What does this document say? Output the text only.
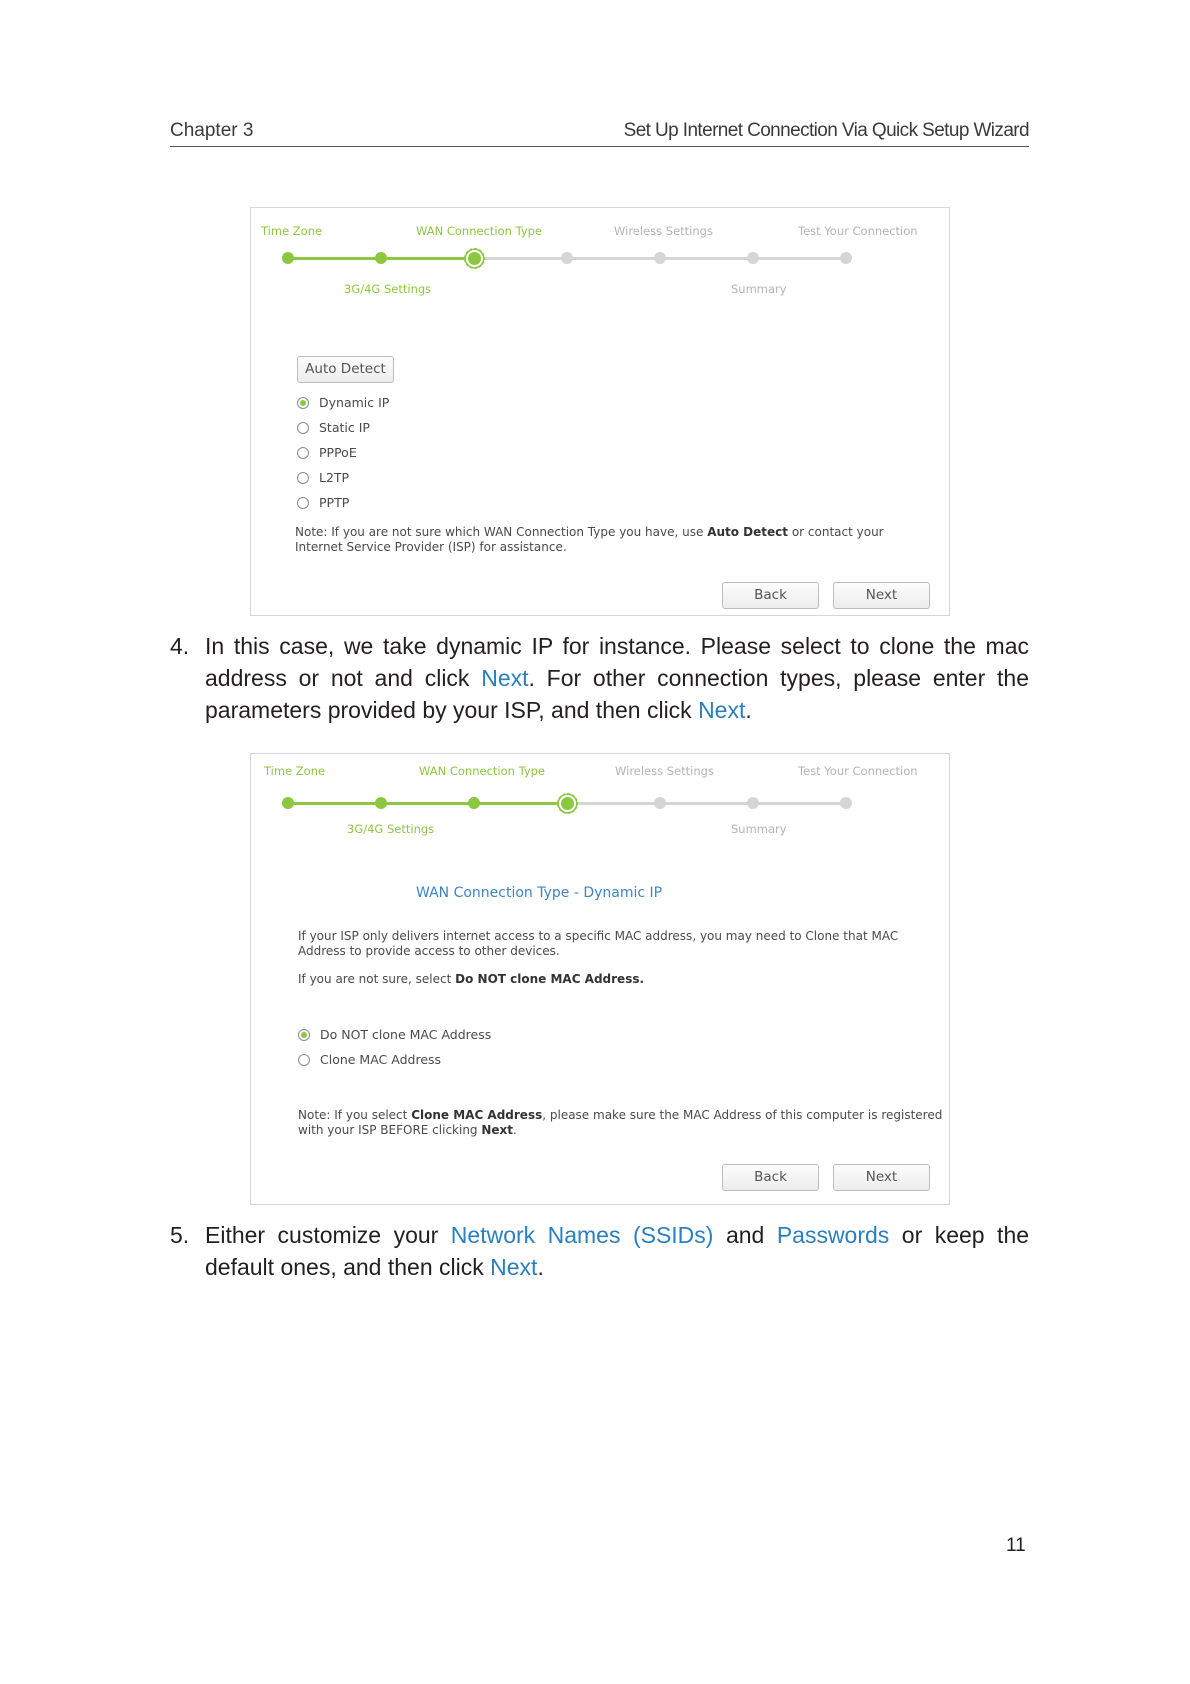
Chapter 3	Set Up Internet Connection Via Quick Setup Wizard
Time Zone	WAN Connection Type	Wireless Settings	Test Your Connection
3G/4G Settings	Summary
Auto Detect
Dynamic IP
Static IP
PPPoE
L2TP
PPTP
Note: If you are not sure which WAN Connection Type you have, use Auto Detect or contact your Internet Service Provider (ISP) for assistance.
Back	Next
4. In this case, we take dynamic IP for instance. Please select to clone the mac address or not and click Next. For other connection types, please enter the parameters provided by your ISP, and then click Next.
Time Zone	WAN Connection Type	Wireless Settings	Test Your Connection
3G/4G Settings	Summary
WAN Connection Type - Dynamic IP
If your ISP only delivers internet access to a specific MAC address, you may need to Clone that MAC Address to provide access to other devices.
If you are not sure, select Do NOT clone MAC Address.
Do NOT clone MAC Address
Clone MAC Address
Note: If you select Clone MAC Address, please make sure the MAC Address of this computer is registered with your ISP BEFORE clicking Next.
Back	Next
5. Either customize your Network Names (SSIDs) and Passwords or keep the default ones, and then click Next.
11
